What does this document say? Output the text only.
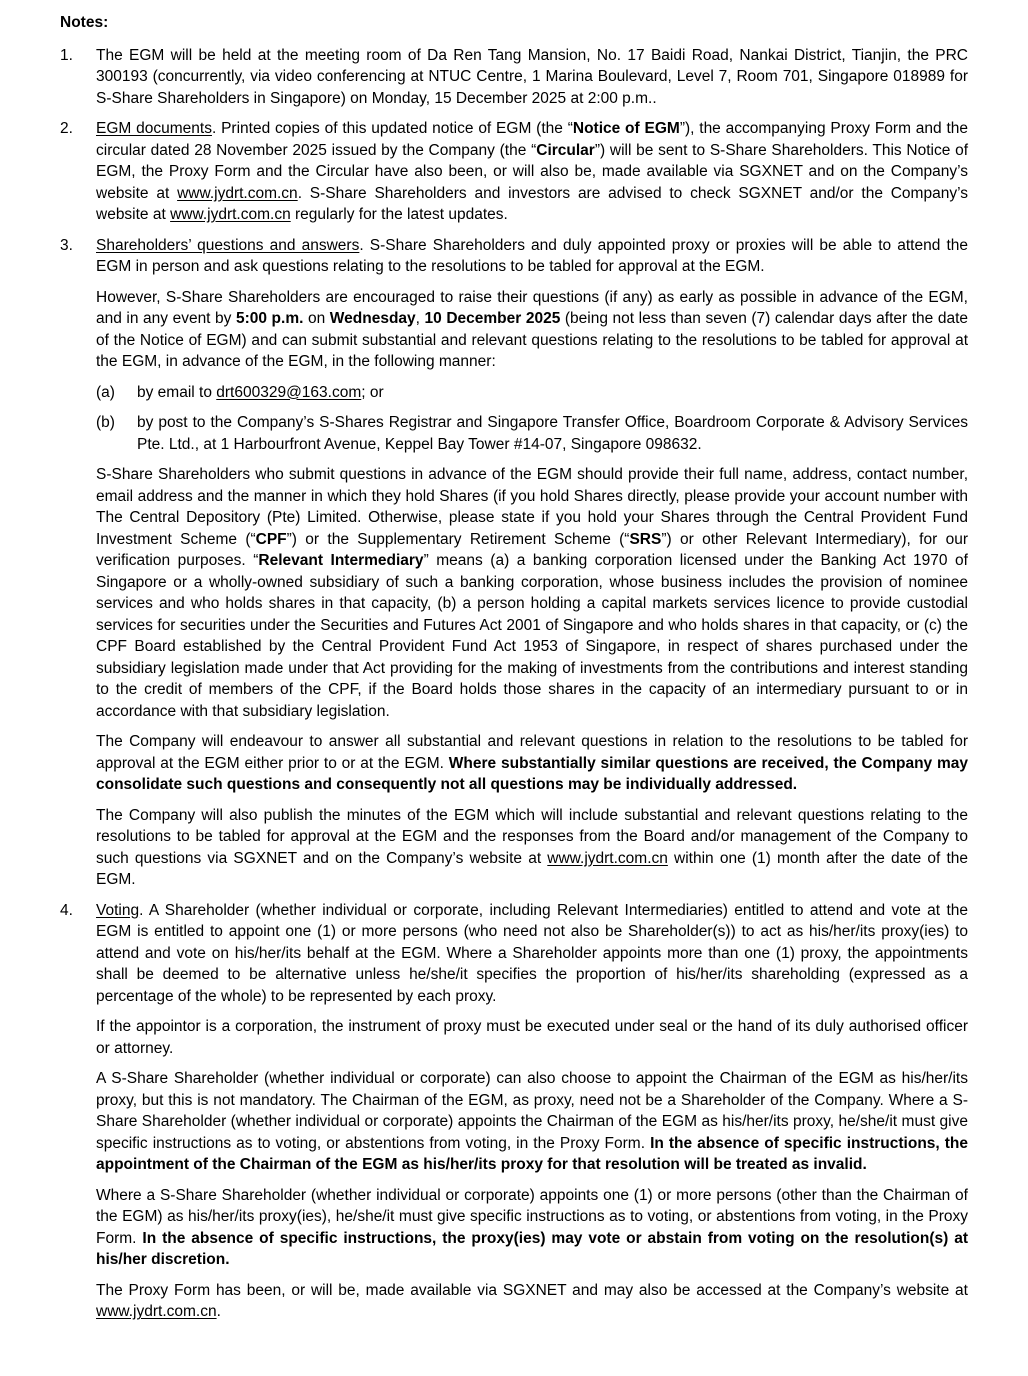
Notes:
1.	The EGM will be held at the meeting room of Da Ren Tang Mansion, No. 17 Baidi Road, Nankai District, Tianjin, the PRC 300193 (concurrently, via video conferencing at NTUC Centre, 1 Marina Boulevard, Level 7, Room 701, Singapore 018989 for S-Share Shareholders in Singapore) on Monday, 15 December 2025 at 2:00 p.m..
2.	EGM documents. Printed copies of this updated notice of EGM (the “Notice of EGM”), the accompanying Proxy Form and the circular dated 28 November 2025 issued by the Company (the “Circular”) will be sent to S-Share Shareholders. This Notice of EGM, the Proxy Form and the Circular have also been, or will also be, made available via SGXNET and on the Company’s website at www.jydrt.com.cn. S-Share Shareholders and investors are advised to check SGXNET and/or the Company’s website at www.jydrt.com.cn regularly for the latest updates.
3.	Shareholders’ questions and answers. S-Share Shareholders and duly appointed proxy or proxies will be able to attend the EGM in person and ask questions relating to the resolutions to be tabled for approval at the EGM.
However, S-Share Shareholders are encouraged to raise their questions (if any) as early as possible in advance of the EGM, and in any event by 5:00 p.m. on Wednesday, 10 December 2025 (being not less than seven (7) calendar days after the date of the Notice of EGM) and can submit substantial and relevant questions relating to the resolutions to be tabled for approval at the EGM, in advance of the EGM, in the following manner:
(a)	by email to drt600329@163.com; or
(b)	by post to the Company’s S-Shares Registrar and Singapore Transfer Office, Boardroom Corporate & Advisory Services Pte. Ltd., at 1 Harbourfront Avenue, Keppel Bay Tower #14-07, Singapore 098632.
S-Share Shareholders who submit questions in advance of the EGM should provide their full name, address, contact number, email address and the manner in which they hold Shares (if you hold Shares directly, please provide your account number with The Central Depository (Pte) Limited. Otherwise, please state if you hold your Shares through the Central Provident Fund Investment Scheme (“CPF”) or the Supplementary Retirement Scheme (“SRS”) or other Relevant Intermediary), for our verification purposes. “Relevant Intermediary” means (a) a banking corporation licensed under the Banking Act 1970 of Singapore or a wholly-owned subsidiary of such a banking corporation, whose business includes the provision of nominee services and who holds shares in that capacity, (b) a person holding a capital markets services licence to provide custodial services for securities under the Securities and Futures Act 2001 of Singapore and who holds shares in that capacity, or (c) the CPF Board established by the Central Provident Fund Act 1953 of Singapore, in respect of shares purchased under the subsidiary legislation made under that Act providing for the making of investments from the contributions and interest standing to the credit of members of the CPF, if the Board holds those shares in the capacity of an intermediary pursuant to or in accordance with that subsidiary legislation.
The Company will endeavour to answer all substantial and relevant questions in relation to the resolutions to be tabled for approval at the EGM either prior to or at the EGM. Where substantially similar questions are received, the Company may consolidate such questions and consequently not all questions may be individually addressed.
The Company will also publish the minutes of the EGM which will include substantial and relevant questions relating to the resolutions to be tabled for approval at the EGM and the responses from the Board and/or management of the Company to such questions via SGXNET and on the Company’s website at www.jydrt.com.cn within one (1) month after the date of the EGM.
4.	Voting. A Shareholder (whether individual or corporate, including Relevant Intermediaries) entitled to attend and vote at the EGM is entitled to appoint one (1) or more persons (who need not also be Shareholder(s)) to act as his/her/its proxy(ies) to attend and vote on his/her/its behalf at the EGM. Where a Shareholder appoints more than one (1) proxy, the appointments shall be deemed to be alternative unless he/she/it specifies the proportion of his/her/its shareholding (expressed as a percentage of the whole) to be represented by each proxy.
If the appointor is a corporation, the instrument of proxy must be executed under seal or the hand of its duly authorised officer or attorney.
A S-Share Shareholder (whether individual or corporate) can also choose to appoint the Chairman of the EGM as his/her/its proxy, but this is not mandatory. The Chairman of the EGM, as proxy, need not be a Shareholder of the Company. Where a S-Share Shareholder (whether individual or corporate) appoints the Chairman of the EGM as his/her/its proxy, he/she/it must give specific instructions as to voting, or abstentions from voting, in the Proxy Form. In the absence of specific instructions, the appointment of the Chairman of the EGM as his/her/its proxy for that resolution will be treated as invalid.
Where a S-Share Shareholder (whether individual or corporate) appoints one (1) or more persons (other than the Chairman of the EGM) as his/her/its proxy(ies), he/she/it must give specific instructions as to voting, or abstentions from voting, in the Proxy Form. In the absence of specific instructions, the proxy(ies) may vote or abstain from voting on the resolution(s) at his/her discretion.
The Proxy Form has been, or will be, made available via SGXNET and may also be accessed at the Company’s website at www.jydrt.com.cn.
